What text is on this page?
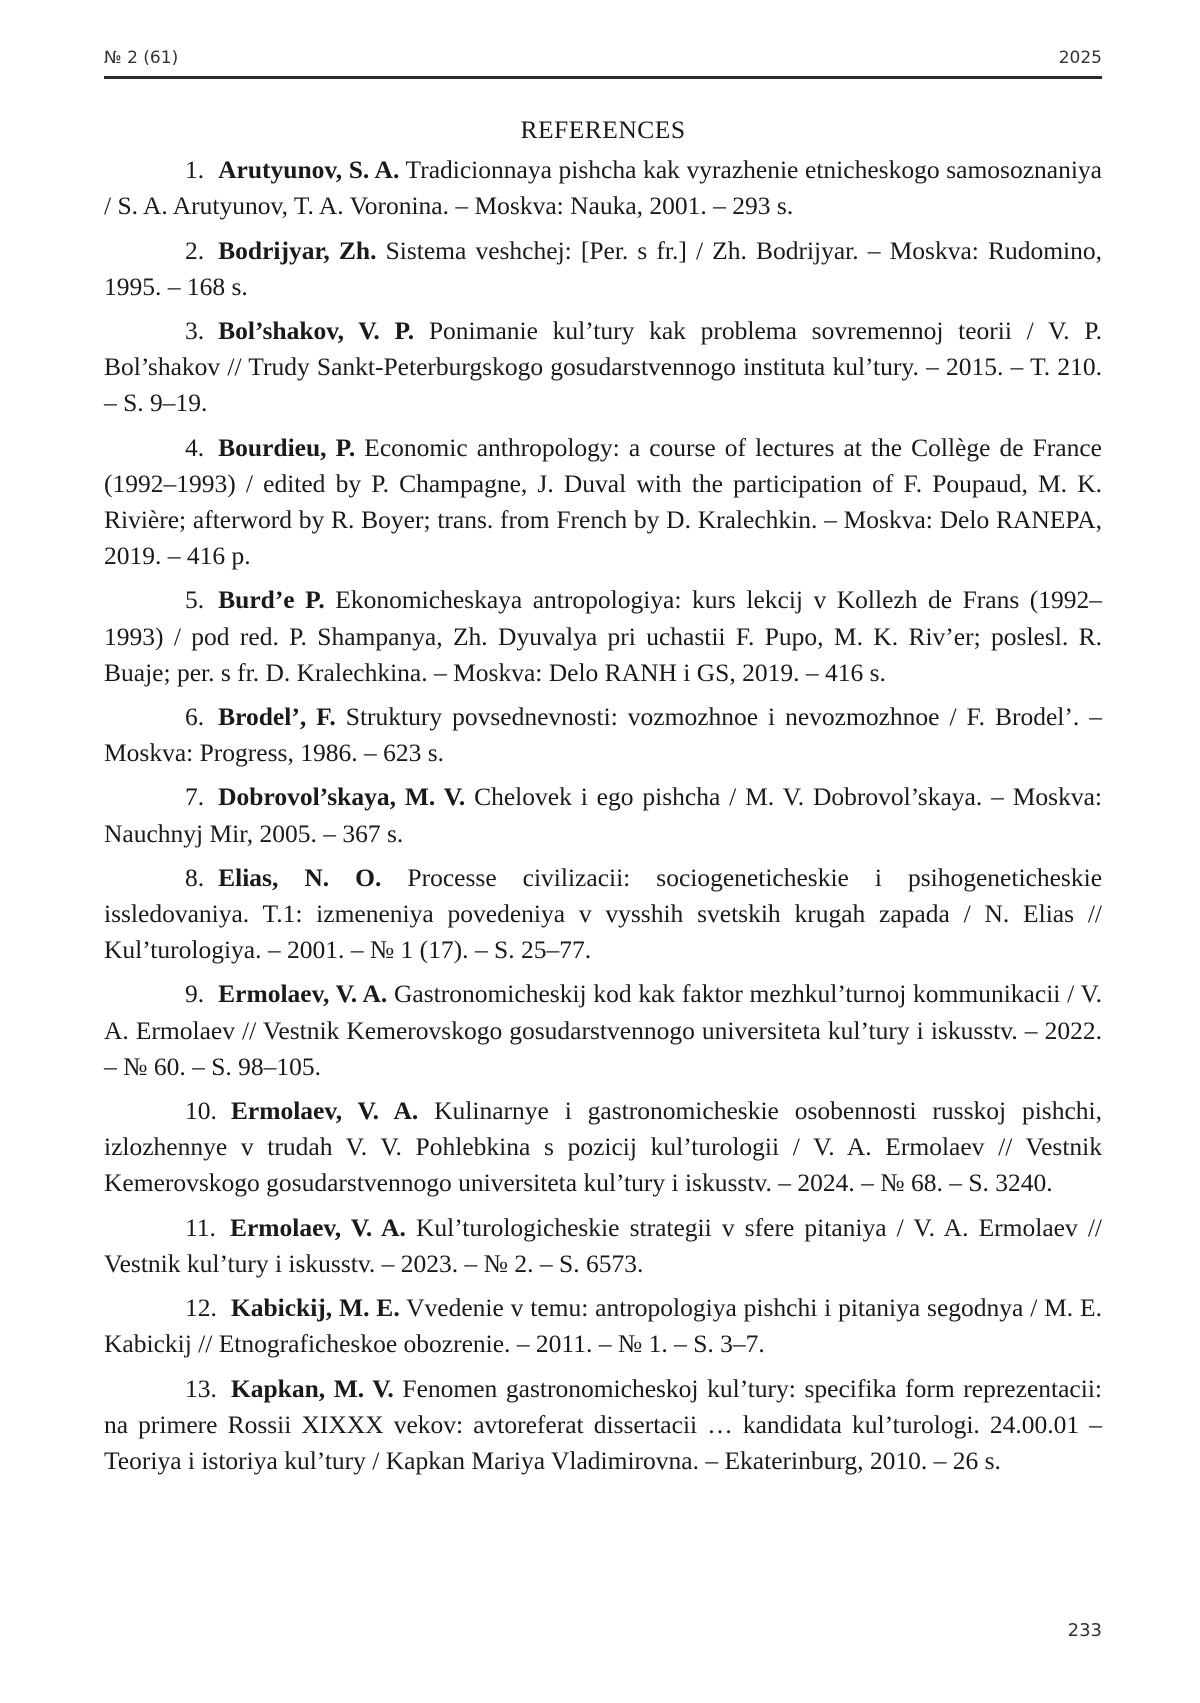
№ 2 (61)	2025
REFERENCES

1. Arutyunov, S. A. Tradicionnaya pishcha kak vyrazhenie etnicheskogo samosoznaniya / S. A. Arutyunov, T. A. Voronina. – Moskva: Nauka, 2001. – 293 s.

2. Bodrijyar, Zh. Sistema veshchej: [Per. s fr.] / Zh. Bodrijyar. – Moskva: Rudomino, 1995. – 168 s.

3. Bol’shakov, V. P. Ponimanie kul’tury kak problema sovremennoj teorii / V. P. Bol’shakov // Trudy Sankt-Peterburgskogo gosudarstvennogo instituta kul’tury. – 2015. – T. 210. – S. 9–19.

4. Bourdieu, P. Economic anthropology: a course of lectures at the Collège de France (1992–1993) / edited by P. Champagne, J. Duval with the participation of F. Poupaud, M. K. Rivière; afterword by R. Boyer; trans. from French by D. Kralechkin. – Moskva: Delo RANEPA, 2019. – 416 p.

5. Burd’e P. Ekonomicheskaya antropologiya: kurs lekcij v Kollezh de Frans (1992–1993) / pod red. P. Shampanya, Zh. Dyuvalya pri uchastii F. Pupo, M. K. Riv’er; poslesl. R. Buaje; per. s fr. D. Kralechkina. – Moskva: Delo RANH i GS, 2019. – 416 s.

6. Brodel’, F. Struktury povsednevnosti: vozmozhnoe i nevozmozhnoe / F. Brodel’. – Moskva: Progress, 1986. – 623 s.

7. Dobrovol’skaya, M. V. Chelovek i ego pishcha / M. V. Dobrovol’skaya. – Moskva: Nauchnyj Mir, 2005. – 367 s.

8. Elias, N. O. Processe civilizacii: sociogeneticheskie i psihogeneticheskie issledovaniya. T.1: izmeneniya povedeniya v vysshih svetskih krugah zapada / N. Elias // Kul’turologiya. – 2001. – № 1 (17). – S. 25–77.

9. Ermolaev, V. A. Gastronomicheskij kod kak faktor mezhkul’turnoj kommunikacii / V. A. Ermolaev // Vestnik Kemerovskogo gosudarstvennogo universiteta kul’tury i iskusstv. – 2022. – № 60. – S. 98–105.

10. Ermolaev, V. A. Kulinarnye i gastronomicheskie osobennosti russkoj pishchi, izlozhennye v trudah V. V. Pohlebkina s pozicij kul’turologii / V. A. Ermolaev // Vestnik Kemerovskogo gosudarstvennogo universiteta kul’tury i iskusstv. – 2024. – № 68. – S. 3240.

11. Ermolaev, V. A. Kul’turologicheskie strategii v sfere pitaniya / V. A. Ermolaev // Vestnik kul’tury i iskusstv. – 2023. – № 2. – S. 6573.

12. Kabickij, M. E. Vvedenie v temu: antropologiya pishchi i pitaniya segodnya / M. E. Kabickij // Etnograficheskoe obozrenie. – 2011. – № 1. – S. 3–7.

13. Kapkan, M. V. Fenomen gastronomicheskoj kul’tury: specifika form reprezentacii: na primere Rossii XIXXX vekov: avtoreferat dissertacii … kandidata kul’turologi. 24.00.01 – Teoriya i istoriya kul’tury / Kapkan Mariya Vladimirovna. – Ekaterinburg, 2010. – 26 s.

233
